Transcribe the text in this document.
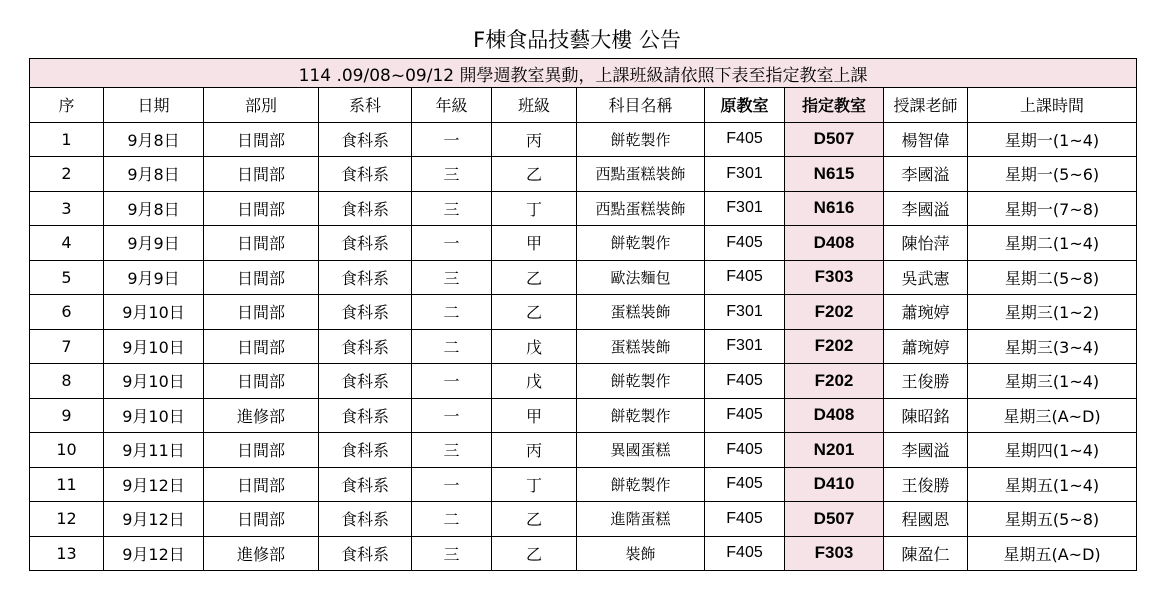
F棟食品技藝大樓 公告
114 .09/08~09/12 開學週教室異動，上課班級請依照下表至指定教室上課										
序	日期	部別	系科	年級	班級	科目名稱	原教室	指定教室	授課老師	上課時間
1	9月8日	日間部	食科系	一	丙	餅乾製作	F405	D507	楊智偉	星期一(1~4)
2	9月8日	日間部	食科系	三	乙	西點蛋糕裝飾	F301	N615	李國溢	星期一(5~6)
3	9月8日	日間部	食科系	三	丁	西點蛋糕裝飾	F301	N616	李國溢	星期一(7~8)
4	9月9日	日間部	食科系	一	甲	餅乾製作	F405	D408	陳怡萍	星期二(1~4)
5	9月9日	日間部	食科系	三	乙	歐法麵包	F405	F303	吳武憲	星期二(5~8)
6	9月10日	日間部	食科系	二	乙	蛋糕裝飾	F301	F202	蕭琬婷	星期三(1~2)
7	9月10日	日間部	食科系	二	戊	蛋糕裝飾	F301	F202	蕭琬婷	星期三(3~4)
8	9月10日	日間部	食科系	一	戊	餅乾製作	F405	F202	王俊勝	星期三(1~4)
9	9月10日	進修部	食科系	一	甲	餅乾製作	F405	D408	陳昭銘	星期三(A~D)
10	9月11日	日間部	食科系	三	丙	異國蛋糕	F405	N201	李國溢	星期四(1~4)
11	9月12日	日間部	食科系	一	丁	餅乾製作	F405	D410	王俊勝	星期五(1~4)
12	9月12日	日間部	食科系	二	乙	進階蛋糕	F405	D507	程國恩	星期五(5~8)
13	9月12日	進修部	食科系	三	乙	裝飾	F405	F303	陳盈仁	星期五(A~D)
